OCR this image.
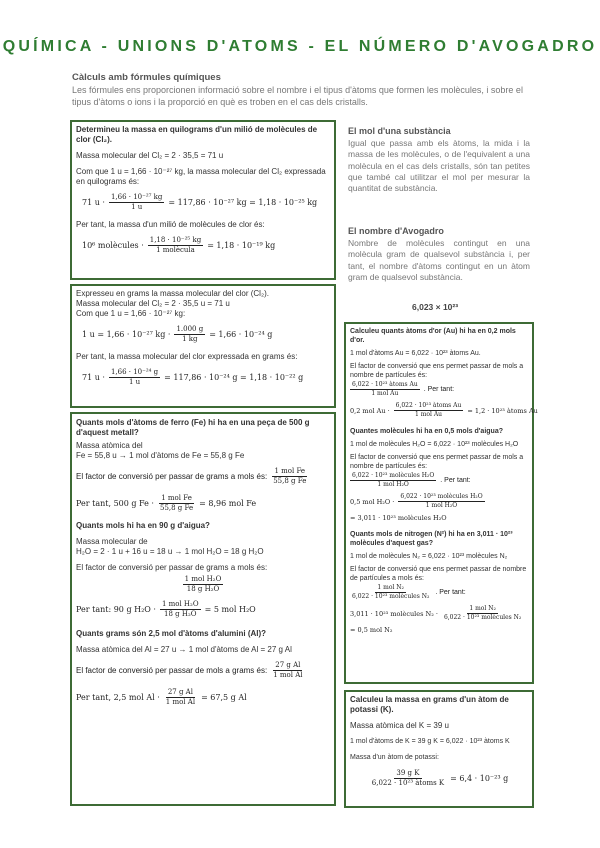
QUÍMICA - UNIONS D'ATOMS - EL NÚMERO D'AVOGADRO
Càlculs amb fórmules químiques
Les fórmules ens proporcionen informació sobre el nombre i el tipus d'àtoms que formen les molècules, i sobre el tipus d'àtoms o ions i la proporció en què es troben en el cas dels cristalls.

Determineu la massa en quilograms d'un milió de molècules de clor (Cl₂).

Massa molecular del Cl₂ = 2 · 35,5 = 71 u

Com que 1 u = 1,66 · 10⁻²⁷ kg, la massa molecular del Cl₂ expressada en quilograms és:

71 $u \cdot \frac{\text{1,66 · 10⁻²⁷ kg}}{1 u} = 117,86 \cdot 10^{-27}$ kg = 1,18 · 10⁻²⁵ kg

Per tant, la massa d'un milió de molècules de clor és:

10⁶ molècules · $\frac{\text{1,18 · 10⁻²⁵ kg}}{\text{1 molècula}} = 1,18 \cdot 10^{-19}$ kg

Expresseu en grams la massa molecular del clor (Cl₂).

Massa molecular del Cl₂ = 2 · 35,5 u = 71 u

Com que 1 u = 1,66 · 10⁻²⁷ kg:

1 u = 1,66 · 10⁻²⁷ kg · $\frac{1.000 g}{1 kg} = 1,66 \cdot 10^{-24}$ g

Per tant, la massa molecular del clor expressada en grams és:

71 $u \cdot \frac{\text{1,66 · 10⁻²⁴ g}}{1 u} = 117,86 \cdot 10^{-24}$ g = 1,18 · 10⁻²² g

Quants mols d'àtoms de ferro (Fe) hi ha en una peça de 500 g d'aquest metall?

Massa atòmica del

Fe = 55,8 u → 1 mol d'àtoms de Fe = 55,8 g Fe

El factor de conversió per passar de grams a mols és: $\frac{\text{1 mol Fe}}{\text{55,8 g Fe}}$
Per tant, 500 g $Fe \cdot \frac{\text{1 mol Fe}}{\text{55,8 g Fe}} = 8,96$ mol Fe

Quants mols hi ha en 90 g d'aigua?

Massa molecular de

H₂O = 2 · 1 u + 16 u = 18 u → 1 mol H₂O = 18 g H₂O

El factor de conversió per passar de grams a mols és:

$\frac{\text{1 mol H₂O}}{\text{18 g H₂O}}$
Per tant: 90 g $H_2O \cdot \frac{\text{1 mol H₂O}}{\text{18 g H₂O}} = 5$ mol H₂O

Quants grams són 2,5 mol d'àtoms d'alumini (Al)?

Massa atòmica del Al = 27 u → 1 mol d'àtoms de Al = 27 g Al

El factor de conversió per passar de mols a grams és: $\frac{\text{27 g Al}}{\text{1 mol Al}}$
Per tant, 2,5 mol $Al \cdot \frac{\text{27 g Al}}{\text{1 mol Al}} = 67,5$ g Al
El mol d'una substància
Igual que passa amb els àtoms, la mida i la massa de les molècules, o de l'equivalent a una molècula en el cas dels cristalls, són tan petites que també cal utilitzar el mol per mesurar la quantitat de substància.
El nombre d'Avogadro
Nombre de molècules contingut en una molècula gram de qualsevol substància i, per tant, el nombre d'àtoms contingut en un àtom gram de qualsevol substància.
6,023 × 10²³

Calculeu quants àtoms d'or (Au) hi ha en 0,2 mols d'or.

1 mol d'àtoms Au = 6,022 · 10²³ àtoms Au.

El factor de conversió que ens permet passar de mols a nombre de partícules és:

$\frac{\text{6,022 · 10²³ àtoms Au}}{\text{1 mol Au}}$ . Per tant:
0,2 mol $Au \cdot \frac{\text{6,022 · 10²³ àtoms Au}}{\text{1 mol Au}} = 1,2 \cdot 10^{23}$ àtoms Au

Quantes molècules hi ha en 0,5 mols d'aigua?

1 mol de molècules H₂O = 6,022 · 10²³ molècules H₂O

El factor de conversió que ens permet passar de mols a nombre de partícules és:

$\frac{\text{6,022 · 10²³ molècules H₂O}}{\text{1 mol H₂O}}$ . Per tant:
0,5 mol $H_2O \cdot \frac{\text{6,022 · 10²³ molècules H₂O}}{\text{1 mol H₂O}}$
= 3,011 · 10²³ molècules H₂O

Quants mols de nitrogen (N²) hi ha en 3,011 · 10²³ molècules d'aquest gas?

1 mol de molècules N₂ = 6,022 · 10²³ molècules N₂

El factor de conversió que ens permet passar de nombre de partícules a mols és:

$\frac{\text{1 mol N₂}}{\text{6,022 · 10²³ molècules N₂}}$ . Per tant:
3,011 · 10²³ molècules $N_2 \cdot \frac{\text{1 mol N₂}}{\text{6,022 · 10²³ molècules N₂}}$
= 0,5 mol N₂

Calculeu la massa en grams d'un àtom de potassi (K).

Massa atòmica del K = 39 u

1 mol d'àtoms de K = 39 g K = 6,022 · 10²³ àtoms K

Massa d'un àtom de potassi:

$\frac{\text{39 g K}}{\text{6,022 · 10²³ àtoms K}} = 6,4 \cdot 10^{-23}$ g
